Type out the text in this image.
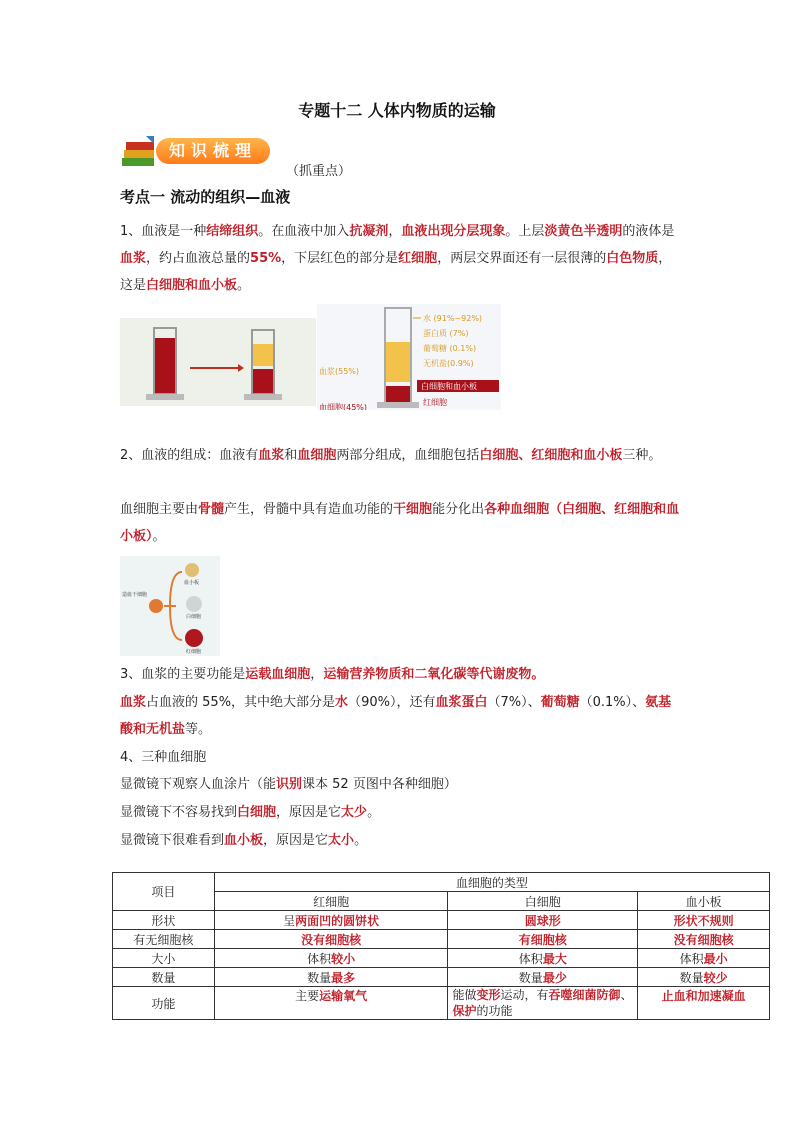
专题十二 人体内物质的运输
知识梳理
（抓重点）
考点一 流动的组织—血液
1、血液是一种结缔组织。在血液中加入抗凝剂，血液出现分层现象。上层淡黄色半透明的液体是血浆，约占血液总量的55%，下层红色的部分是红细胞，两层交界面还有一层很薄的白色物质，这是白细胞和血小板。
水 (91%~92%)
蛋白质 (7%)
葡萄糖 (0.1%)
无机盐(0.9%)
血浆(55%)
血细胞(45%)
白细胞和血小板
红细胞
2、血液的组成：血液有血浆和血细胞两部分组成，血细胞包括白细胞、红细胞和血小板三种。
血细胞主要由骨髓产生，骨髓中具有造血功能的干细胞能分化出各种血细胞（白细胞、红细胞和血小板）。
造血干细胞
血小板
白细胞
红细胞
3、血浆的主要功能是运载血细胞，运输营养物质和二氧化碳等代谢废物。
血浆占血液的 55%，其中绝大部分是水（90%），还有血浆蛋白（7%）、葡萄糖（0.1%）、氨基酸和无机盐等。
4、三种血细胞
显微镜下观察人血涂片（能识别课本 52 页图中各种细胞）
显微镜下不容易找到白细胞，原因是它太少。
显微镜下很难看到血小板，原因是它太小。
项目	血细胞的类型		
	红细胞	白细胞	血小板
形状	呈两面凹的圆饼状	圆球形	形状不规则
有无细胞核	没有细胞核	有细胞核	没有细胞核
大小	体积较小	体积最大	体积最小
数量	数量最多	数量最少	数量较少
功能	主要运输氧气	能做变形运动，有吞噬细菌防御、保护的功能	止血和加速凝血
